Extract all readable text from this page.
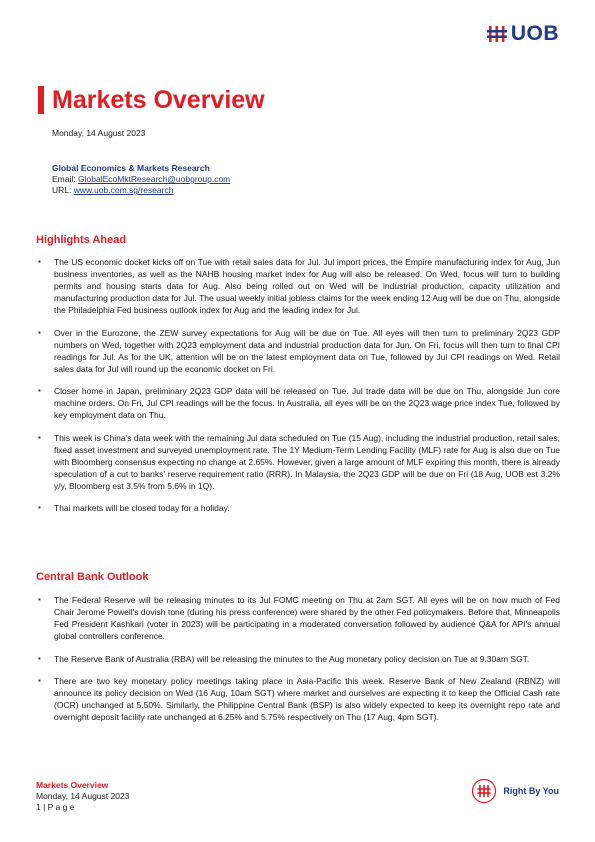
UOB
Markets Overview
Monday, 14 August 2023
Global Economics & Markets Research
Email: GlobalEcoMktResearch@uobgroup.com
URL: www.uob.com.sg/research
Highlights Ahead
▪ The US economic docket kicks off on Tue with retail sales data for Jul. Jul import prices, the Empire manufacturing index for Aug, Jun business inventories, as well as the NAHB housing market index for Aug will also be released. On Wed, focus will turn to building permits and housing starts data for Aug. Also being rolled out on Wed will be industrial production, capacity utilization and manufacturing production data for Jul. The usual weekly initial jobless claims for the week ending 12 Aug will be due on Thu, alongside the Philadelphia Fed business outlook index for Aug and the leading index for Jul.
▪ Over in the Eurozone, the ZEW survey expectations for Aug will be due on Tue. All eyes will then turn to preliminary 2Q23 GDP numbers on Wed, together with 2Q23 employment data and industrial production data for Jun. On Fri, focus will then turn to final CPI readings for Jul. As for the UK, attention will be on the latest employment data on Tue, followed by Jul CPI readings on Wed. Retail sales data for Jul will round up the economic docket on Fri.
▪ Closer home in Japan, preliminary 2Q23 GDP data will be released on Tue. Jul trade data will be due on Thu, alongside Jun core machine orders. On Fri, Jul CPI readings will be the focus. In Australia, all eyes will be on the 2Q23 wage price index Tue, followed by key employment data on Thu.
▪ This week is China's data week with the remaining Jul data scheduled on Tue (15 Aug), including the industrial production, retail sales, fixed asset investment and surveyed unemployment rate. The 1Y Medium-Term Lending Facility (MLF) rate for Aug is also due on Tue with Bloomberg consensus expecting no change at 2.65%. However, given a large amount of MLF expiring this month, there is already speculation of a cut to banks' reserve requirement ratio (RRR). In Malaysia, the 2Q23 GDP will be due on Fri (18 Aug, UOB est 3.2% y/y, Bloomberg est 3.5% from 5.6% in 1Q).
▪ Thai markets will be closed today for a holiday.
Central Bank Outlook
▪ The Federal Reserve will be releasing minutes to its Jul FOMC meeting on Thu at 2am SGT. All eyes will be on how much of Fed Chair Jerome Powell's dovish tone (during his press conference) were shared by the other Fed policymakers. Before that, Minneapolis Fed President Kashkari (voter in 2023) will be participating in a moderated conversation followed by audience Q&A for API's annual global controllers conference.
▪ The Reserve Bank of Australia (RBA) will be releasing the minutes to the Aug monetary policy decision on Tue at 9.30am SGT.
▪ There are two key monetary policy meetings taking place in Asia-Pacific this week. Reserve Bank of New Zealand (RBNZ) will announce its policy decision on Wed (16 Aug, 10am SGT) where market and ourselves are expecting it to keep the Official Cash rate (OCR) unchanged at 5.50%. Similarly, the Philippine Central Bank (BSP) is also widely expected to keep its overnight repo rate and overnight deposit facility rate unchanged at 6.25% and 5.75% respectively on Thu (17 Aug, 4pm SGT).
Markets Overview
Monday, 14 August 2023
1 | P a g e
Right By You
